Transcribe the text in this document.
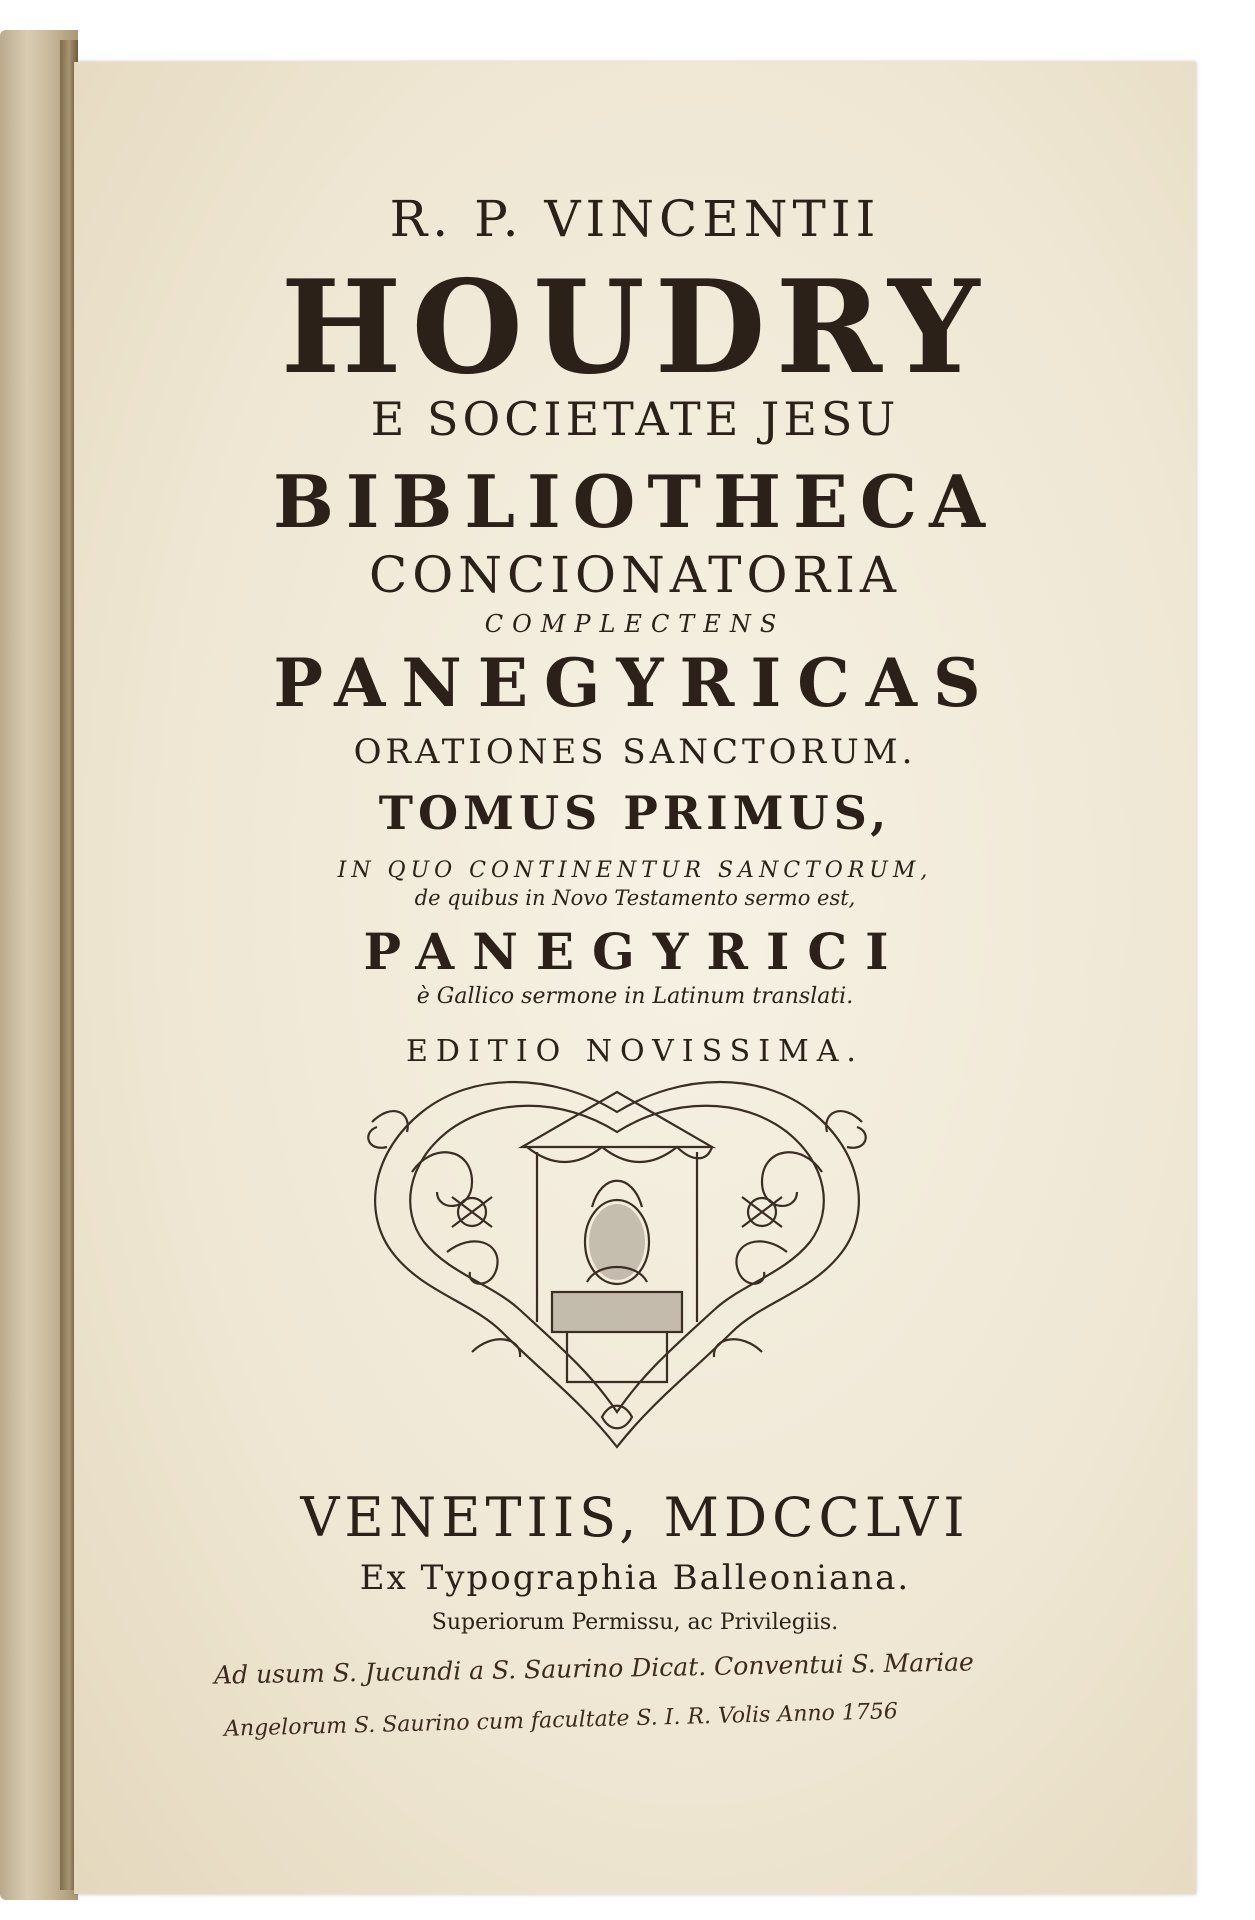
R. P. VINCENTII
HOUDRY
E SOCIETATE JESU
BIBLIOTHECA
CONCIONATORIA
COMPLECTENS
PANEGYRICAS
ORATIONES SANCTORUM.
TOMUS PRIMUS,
IN QUO CONTINENTUR SANCTORUM,
de quibus in Novo Testamento sermo est,
PANEGYRICI
è Gallico sermone in Latinum translati.
EDITIO NOVISSIMA.
VENETIIS, MDCCLVI
Ex Typographia Balleoniana.
Superiorum Permissu, ac Privilegiis.
Ad usum S. Jucundi a S. Saurino Dicat. Conventui S. Mariae
Angelorum S. Saurino cum facultate S. I. R. Volis Anno 1756
